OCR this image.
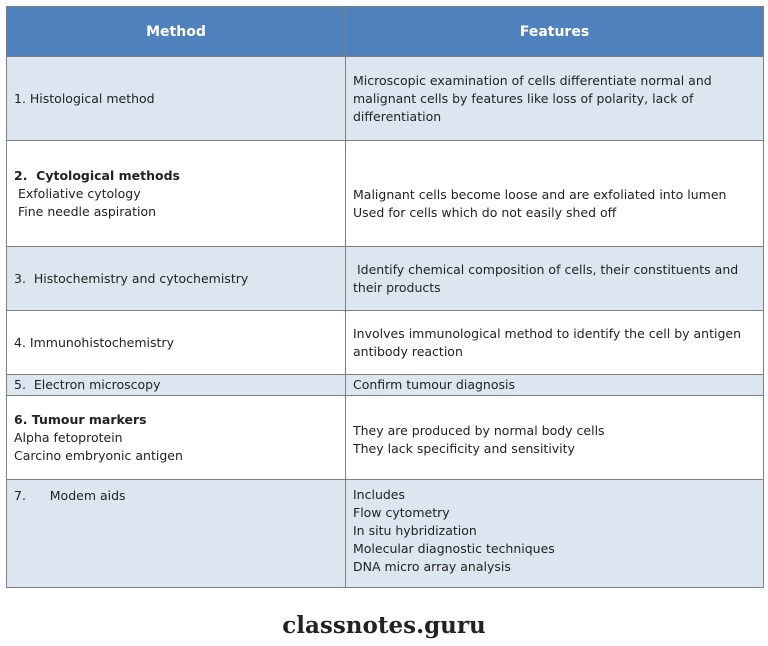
Method	Features

1. Histological method	Microscopic examination of cells differentiate normal and
malignant cells by features like loss of polarity, lack of
differentiation

2.  Cytological methods
Exfoliative cytology
Fine needle aspiration	Malignant cells become loose and are exfoliated into lumen
Used for cells which do not easily shed off

3.  Histochemistry and cytochemistry	Identify chemical composition of cells, their constituents and
their products

4. Immunohistochemistry	Involves immunological method to identify the cell by antigen
antibody reaction

5.  Electron microscopy	Confirm tumour diagnosis

6. Tumour markers
Alpha fetoprotein
Carcino embryonic antigen	They are produced by normal body cells
They lack specificity and sensitivity

7.      Modem aids	Includes
Flow cytometry
In situ hybridization
Molecular diagnostic techniques
DNA micro array analysis
classnotes.guru
